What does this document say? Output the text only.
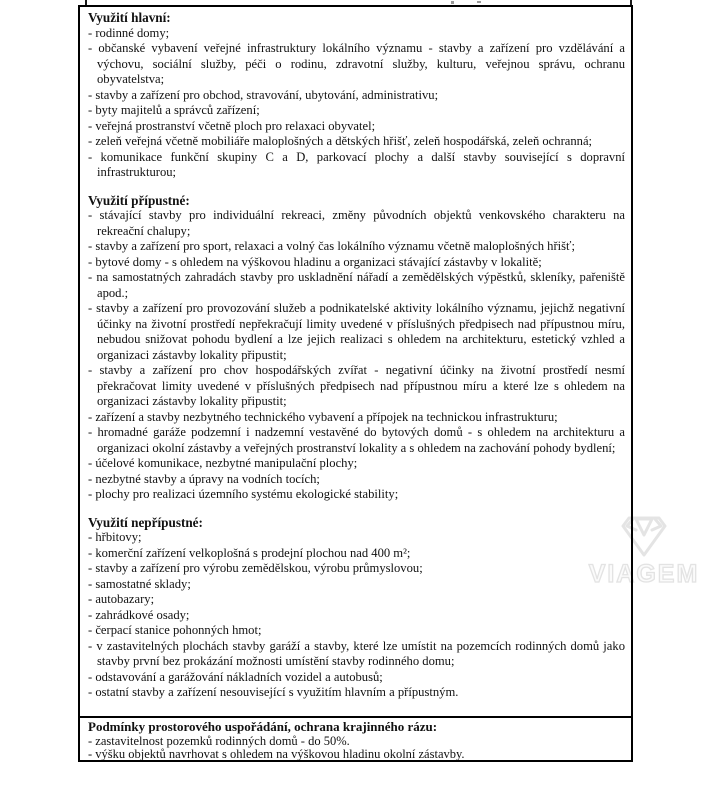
VIAGEM

Využití hlavní:

- rodinné domy;

- občanské vybavení veřejné infrastruktury lokálního významu - stavby a zařízení pro vzdělávání a výchovu, sociální služby, péči o rodinu, zdravotní služby, kulturu, veřejnou správu, ochranu obyvatelstva;

- stavby a zařízení pro obchod, stravování, ubytování, administrativu;

- byty majitelů a správců zařízení;

- veřejná prostranství včetně ploch pro relaxaci obyvatel;

- zeleň veřejná včetně mobiliáře maloplošných a dětských hřišť, zeleň hospodářská, zeleň ochranná;

- komunikace funkční skupiny C a D, parkovací plochy a další stavby související s dopravní infrastrukturou;

Využití přípustné:

- stávající stavby pro individuální rekreaci, změny původních objektů venkovského charakteru na rekreační chalupy;

- stavby a zařízení pro sport, relaxaci a volný čas lokálního významu včetně maloplošných hřišť;

- bytové domy - s ohledem na výškovou hladinu a organizaci stávající zástavby v lokalitě;

- na samostatných zahradách stavby pro uskladnění nářadí a zemědělských výpěstků, skleníky, pařeniště apod.;

- stavby a zařízení pro provozování služeb a podnikatelské aktivity lokálního významu, jejichž negativní účinky na životní prostředí nepřekračují limity uvedené v příslušných předpisech nad přípustnou míru, nebudou snižovat pohodu bydlení a lze jejich realizaci s ohledem na architekturu, estetický vzhled a organizaci zástavby lokality připustit;

- stavby a zařízení pro chov hospodářských zvířat - negativní účinky na životní prostředí nesmí překračovat limity uvedené v příslušných předpisech nad přípustnou míru a které lze s ohledem na organizaci zástavby lokality připustit;

- zařízení a stavby nezbytného technického vybavení a přípojek na technickou infrastrukturu;

- hromadné garáže podzemní i nadzemní vestavěné do bytových domů - s ohledem na architekturu a organizaci okolní zástavby a veřejných prostranství lokality a s ohledem na zachování pohody bydlení;

- účelové komunikace, nezbytné manipulační plochy;

- nezbytné stavby a úpravy na vodních tocích;

- plochy pro realizaci územního systému ekologické stability;

Využití nepřípustné:

- hřbitovy;

- komerční zařízení velkoplošná s prodejní plochou nad 400 m²;

- stavby a zařízení pro výrobu zemědělskou, výrobu průmyslovou;

- samostatné sklady;

- autobazary;

- zahrádkové osady;

- čerpací stanice pohonných hmot;

- v zastavitelných plochách stavby garáží a stavby, které lze umístit na pozemcích rodinných domů jako stavby první bez prokázání možnosti umístění stavby rodinného domu;

- odstavování a garážování nákladních vozidel a autobusů;

- ostatní stavby a zařízení nesouvisející s využitím hlavním a přípustným.

Podmínky prostorového uspořádání, ochrana krajinného rázu:

- zastavitelnost pozemků rodinných domů - do 50%.

- výšku objektů navrhovat s ohledem na výškovou hladinu okolní zástavby.
